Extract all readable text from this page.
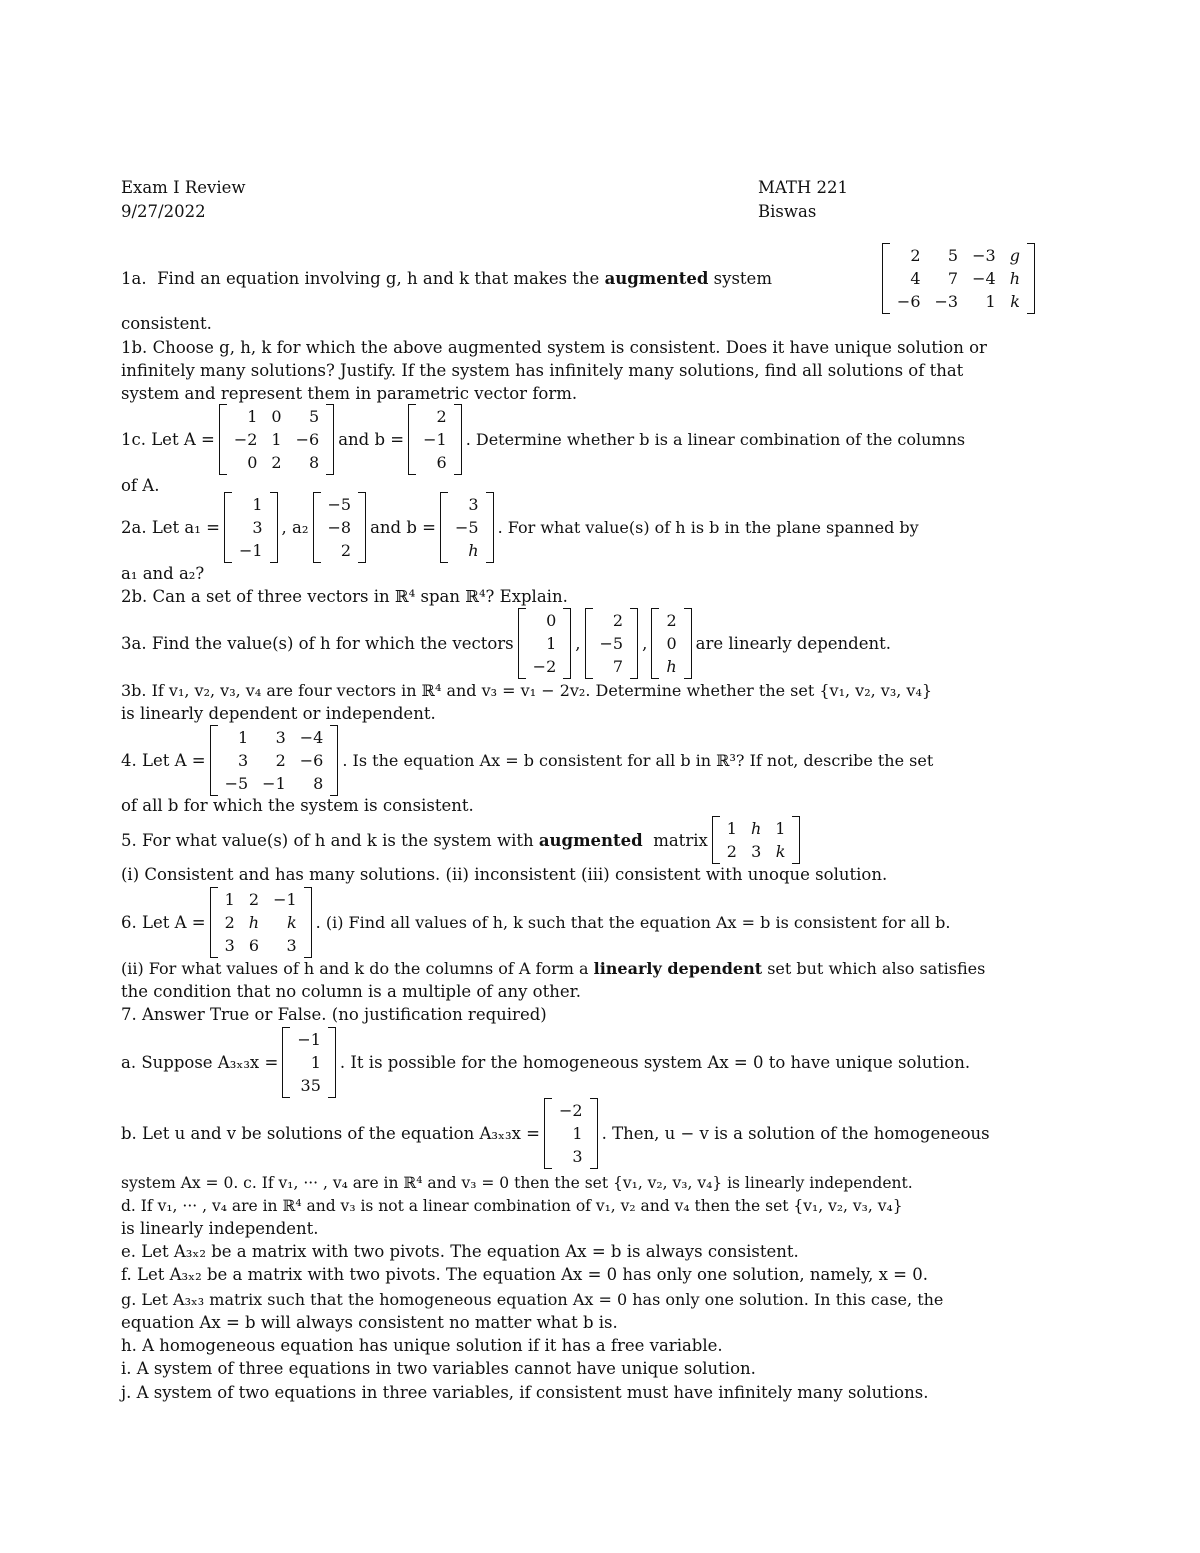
Exam I Review
9/27/2022
MATH 221
Biswas
1a.
Find an equation involving g, h and k that makes the
augmented
system
2	5	−3	g
4	7	−4	h
−6	−3	1	k
consistent.
1b. Choose g, h, k for which the above augmented system is consistent. Does it have unique solution or
infinitely many solutions? Justify. If the system has infinitely many solutions, find all solutions of that
system and represent them in parametric vector form.
1c. Let A =
1	0	5
−2	1	−6
0	2	8
and b =
2
−1
6
. Determine whether b is a linear combination of the columns
of A.
2a. Let a₁ =
1
3
−1
, a₂
−5
−8
2
and b =
3
−5
h
. For what value(s) of h is b in the plane spanned by
a₁ and a₂?
2b. Can a set of three vectors in ℝ⁴ span ℝ⁴? Explain.
3a. Find the value(s) of h for which the vectors
0
1
−2
,
2
−5
7
,
2
0
h
are linearly dependent.
3b. If v₁, v₂, v₃, v₄ are four vectors in ℝ⁴ and v₃ = v₁ − 2v₂. Determine whether the set {v₁, v₂, v₃, v₄}
is linearly dependent or independent.
4. Let A =
1	3	−4
3	2	−6
−5	−1	8
. Is the equation Ax = b consistent for all b in ℝ³? If not, describe the set
of all b for which the system is consistent.
5. For what value(s) of h and k is the system with
augmented
matrix
1	h	1
2	3	k
(i) Consistent and has many solutions. (ii) inconsistent (iii) consistent with unoque solution.
6. Let A =
1	2	−1
2	h	k
3	6	3
. (i) Find all values of h, k such that the equation Ax = b is consistent for all b.
(ii) For what values of h and k do the columns of A form a linearly dependent set but which also satisfies
the condition that no column is a multiple of any other.
7. Answer True or False. (no justification required)
a. Suppose A₃ₓ₃x =
−1
1
35
. It is possible for the homogeneous system Ax = 0 to have unique solution.
b. Let u and v be solutions of the equation A₃ₓ₃x =
−2
1
3
. Then, u − v is a solution of the homogeneous
system Ax = 0. c. If v₁, ··· , v₄ are in ℝ⁴ and v₃ = 0 then the set {v₁, v₂, v₃, v₄} is linearly independent.
d. If v₁, ··· , v₄ are in ℝ⁴ and v₃ is not a linear combination of v₁, v₂ and v₄ then the set {v₁, v₂, v₃, v₄}
is linearly independent.
e. Let A₃ₓ₂ be a matrix with two pivots. The equation Ax = b is always consistent.
f. Let A₃ₓ₂ be a matrix with two pivots. The equation Ax = 0 has only one solution, namely, x = 0.
g. Let A₃ₓ₃ matrix such that the homogeneous equation Ax = 0 has only one solution. In this case, the
equation Ax = b will always consistent no matter what b is.
h. A homogeneous equation has unique solution if it has a free variable.
i. A system of three equations in two variables cannot have unique solution.
j. A system of two equations in three variables, if consistent must have infinitely many solutions.
